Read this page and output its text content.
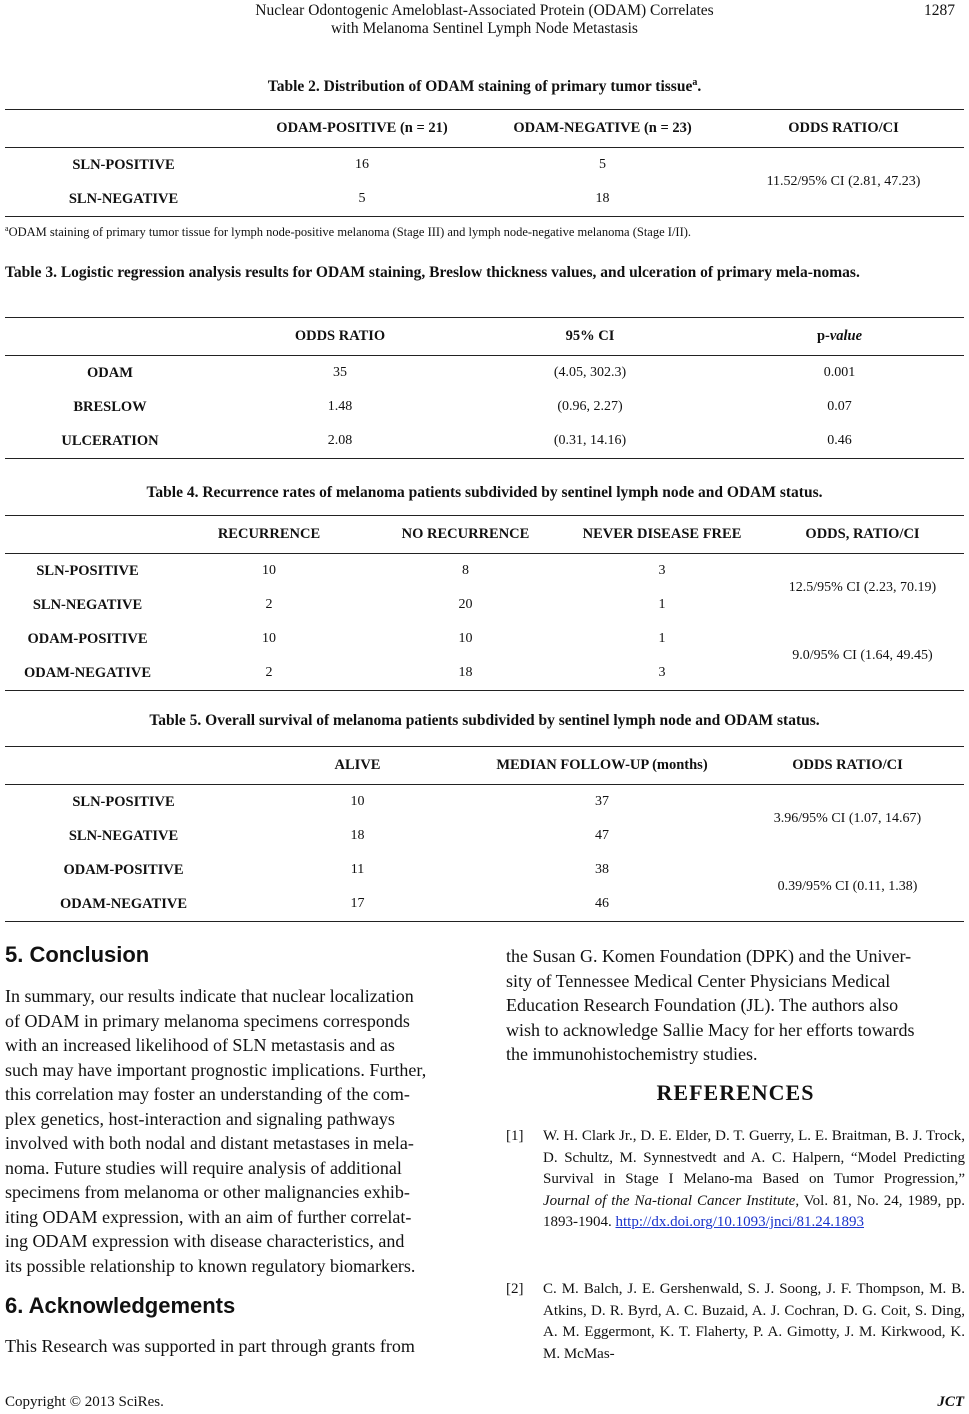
Nuclear Odontogenic Ameloblast-Associated Protein (ODAM) Correlates
with Melanoma Sentinel Lymph Node Metastasis
1287
Table 2. Distribution of ODAM staining of primary tumor tissue$^a$.
	ODAM-POSITIVE (n = 21)	ODAM-NEGATIVE (n = 23)	ODDS RATIO/CI
SLN-POSITIVE	16	5	11.52/95% CI (2.81, 47.23)
SLN-NEGATIVE	5	18	
$^a$ODAM staining of primary tumor tissue for lymph node-positive melanoma (Stage III) and lymph node-negative melanoma (Stage I/II).
Table 3. Logistic regression analysis results for ODAM staining, Breslow thickness values, and ulceration of primary mela-nomas.
	ODDS RATIO	95% CI	p-value
ODAM	35	(4.05, 302.3)	0.001
BRESLOW	1.48	(0.96, 2.27)	0.07
ULCERATION	2.08	(0.31, 14.16)	0.46
Table 4. Recurrence rates of melanoma patients subdivided by sentinel lymph node and ODAM status.
	RECURRENCE	NO RECURRENCE	NEVER DISEASE FREE	ODDS, RATIO/CI
SLN-POSITIVE	10	8	3	12.5/95% CI (2.23, 70.19)
SLN-NEGATIVE	2	20	1	
ODAM-POSITIVE	10	10	1	9.0/95% CI (1.64, 49.45)
ODAM-NEGATIVE	2	18	3	
Table 5. Overall survival of melanoma patients subdivided by sentinel lymph node and ODAM status.
	ALIVE	MEDIAN FOLLOW-UP (months)	ODDS RATIO/CI
SLN-POSITIVE	10	37	3.96/95% CI (1.07, 14.67)
SLN-NEGATIVE	18	47	
ODAM-POSITIVE	11	38	0.39/95% CI (0.11, 1.38)
ODAM-NEGATIVE	17	46	
5. Conclusion
In summary, our results indicate that nuclear localization
of ODAM in primary melanoma specimens corresponds
with an increased likelihood of SLN metastasis and as
such may have important prognostic implications. Further,
this correlation may foster an understanding of the com-
plex genetics, host-interaction and signaling pathways
involved with both nodal and distant metastases in mela-
noma. Future studies will require analysis of additional
specimens from melanoma or other malignancies exhib-
iting ODAM expression, with an aim of further correlat-
ing ODAM expression with disease characteristics, and
its possible relationship to known regulatory biomarkers.
6. Acknowledgements
This Research was supported in part through grants from
the Susan G. Komen Foundation (DPK) and the Univer-
sity of Tennessee Medical Center Physicians Medical
Education Research Foundation (JL). The authors also
wish to acknowledge Sallie Macy for her efforts towards
the immunohistochemistry studies.
REFERENCES
[1] W. H. Clark Jr., D. E. Elder, D. T. Guerry, L. E. Braitman, B. J. Trock, D. Schultz, M. Synnestvedt and A. C. Halpern, “Model Predicting Survival in Stage I Melano-ma Based on Tumor Progression,” Journal of the Na-tional Cancer Institute, Vol. 81, No. 24, 1989, pp. 1893-1904. http://dx.doi.org/10.1093/jnci/81.24.1893
[2] C. M. Balch, J. E. Gershenwald, S. J. Soong, J. F. Thompson, M. B. Atkins, D. R. Byrd, A. C. Buzaid, A. J. Cochran, D. G. Coit, S. Ding, A. M. Eggermont, K. T. Flaherty, P. A. Gimotty, J. M. Kirkwood, K. M. McMas-
Copyright © 2013 SciRes.	JCT
